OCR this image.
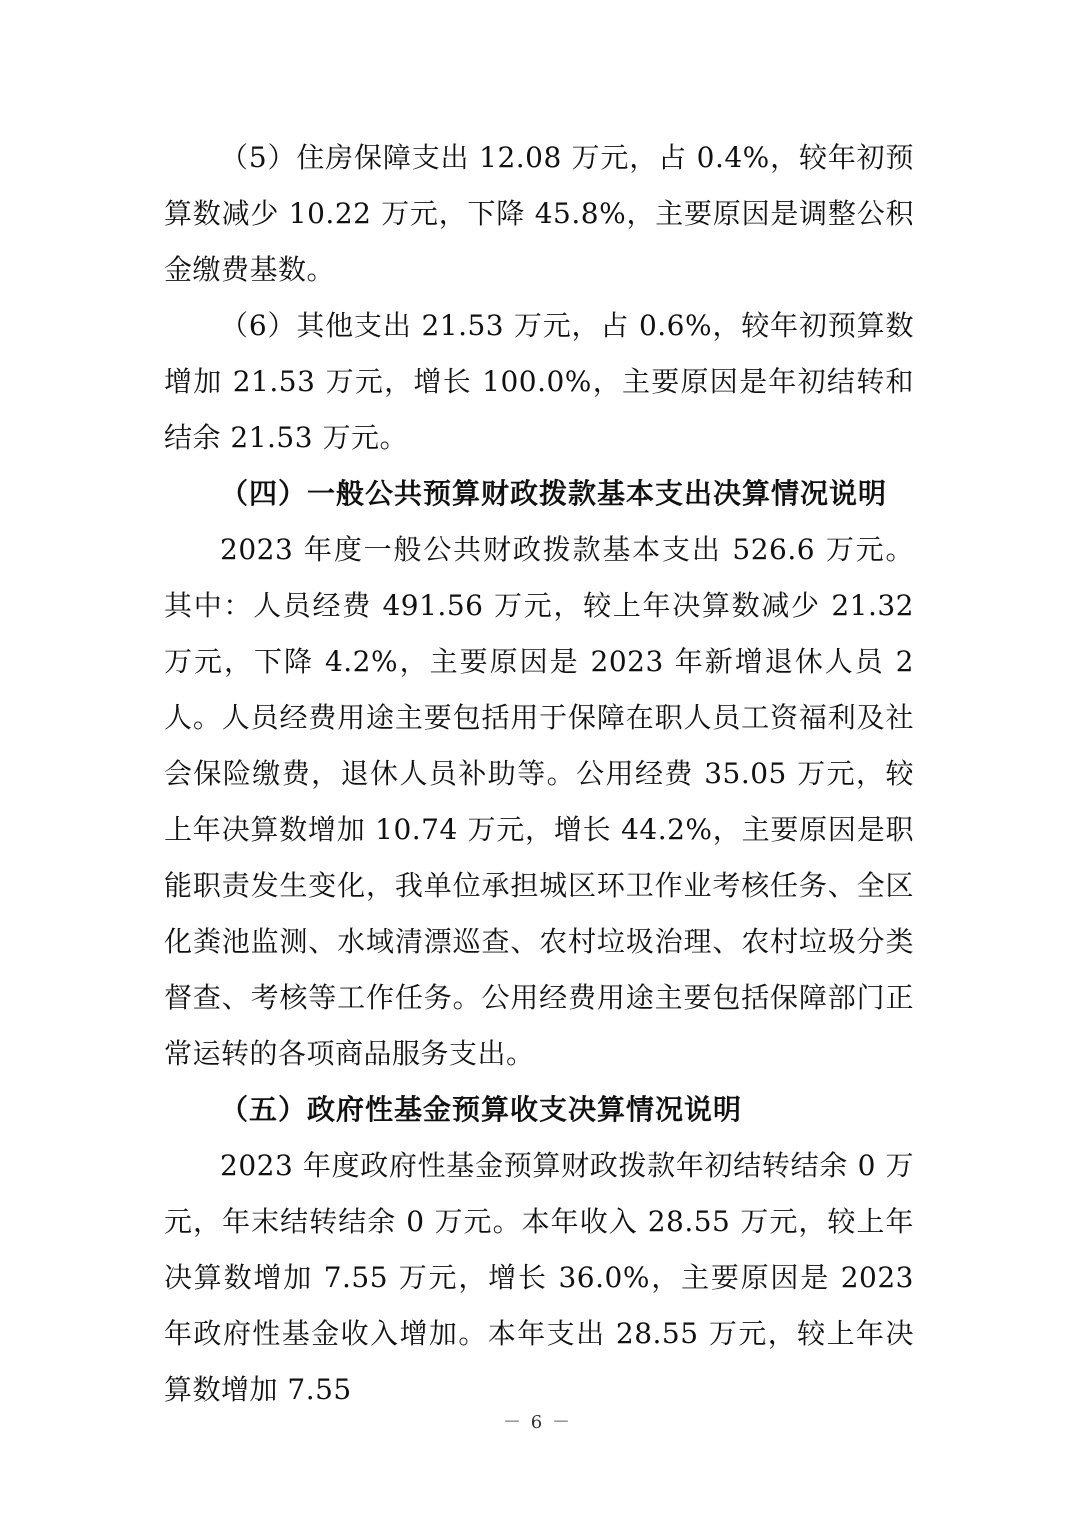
（5）住房保障支出 12.08 万元，占 0.4%，较年初预算数减少 10.22 万元，下降 45.8%，主要原因是调整公积金缴费基数。

（6）其他支出 21.53 万元，占 0.6%，较年初预算数增加 21.53 万元，增长 100.0%，主要原因是年初结转和结余 21.53 万元。

（四）一般公共预算财政拨款基本支出决算情况说明

2023 年度一般公共财政拨款基本支出 526.6 万元。其中：人员经费 491.56 万元，较上年决算数减少 21.32 万元，下降 4.2%，主要原因是 2023 年新增退休人员 2 人。人员经费用途主要包括用于保障在职人员工资福利及社会保险缴费，退休人员补助等。公用经费 35.05 万元，较上年决算数增加 10.74 万元，增长 44.2%，主要原因是职能职责发生变化，我单位承担城区环卫作业考核任务、全区化粪池监测、水域清漂巡查、农村垃圾治理、农村垃圾分类督查、考核等工作任务。公用经费用途主要包括保障部门正常运转的各项商品服务支出。

（五）政府性基金预算收支决算情况说明

2023 年度政府性基金预算财政拨款年初结转结余 0 万元，年末结转结余 0 万元。本年收入 28.55 万元，较上年决算数增加 7.55 万元，增长 36.0%，主要原因是 2023 年政府性基金收入增加。本年支出 28.55 万元，较上年决算数增加 7.55

－ 6 －
